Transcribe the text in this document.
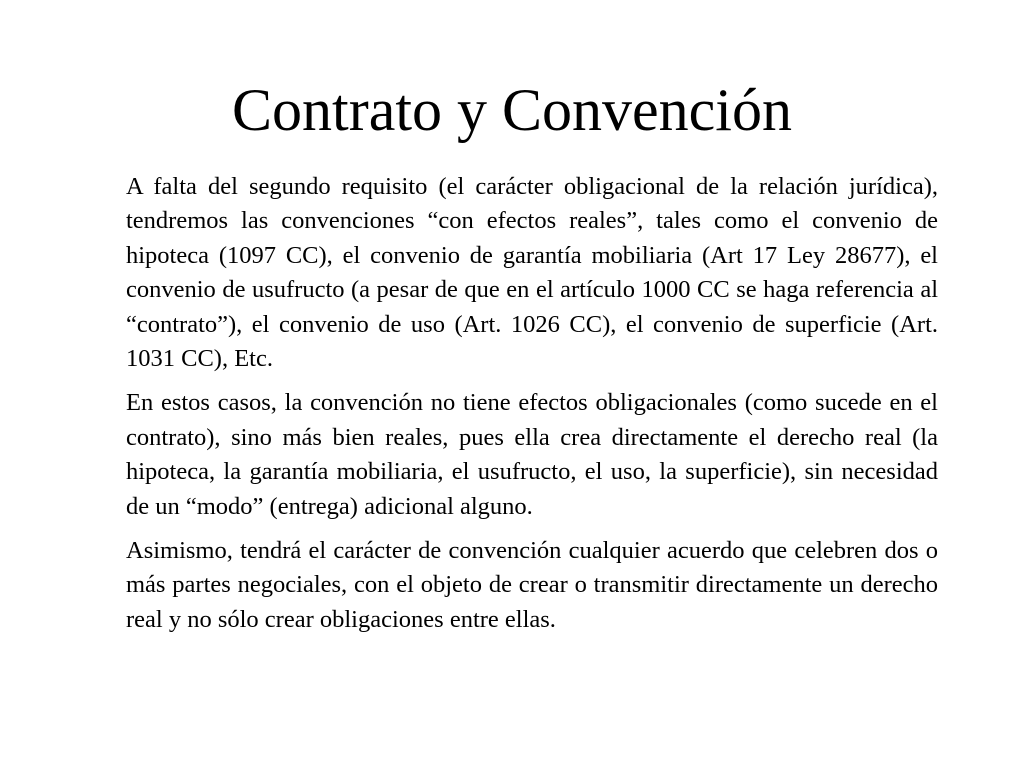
Contrato y Convención

A falta del segundo requisito (el carácter obligacional de la relación jurídica), tendremos las convenciones “con efectos reales”, tales como el convenio de hipoteca (1097 CC), el convenio de garantía mobiliaria (Art 17 Ley 28677), el convenio de usufructo (a pesar de que en el artículo 1000 CC se haga referencia al “contrato”), el convenio de uso (Art. 1026 CC), el convenio de superficie (Art. 1031 CC), Etc.

En estos casos, la convención no tiene efectos obligacionales (como sucede en el contrato), sino más bien reales, pues ella crea directamente el derecho real (la hipoteca, la garantía mobiliaria, el usufructo, el uso, la superficie), sin necesidad de un “modo” (entrega) adicional alguno.

Asimismo, tendrá el carácter de convención cualquier acuerdo que celebren dos o más partes negociales, con el objeto de crear o transmitir directamente un derecho real y no sólo crear obligaciones entre ellas.
